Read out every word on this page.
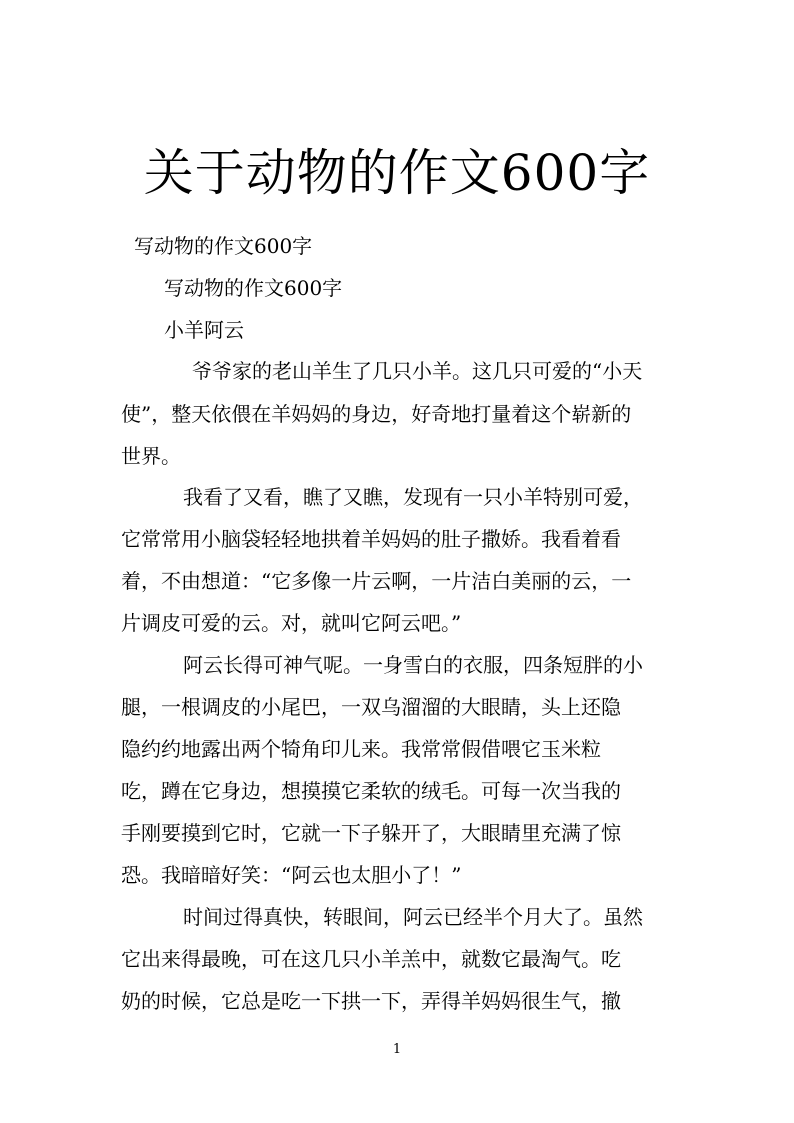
关于动物的作文600字

写动物的作文600字

写动物的作文600字

小羊阿云

爷爷家的老山羊生了几只小羊。这几只可爱的“小天

使”，整天依偎在羊妈妈的身边，好奇地打量着这个崭新的

世界。

我看了又看，瞧了又瞧，发现有一只小羊特别可爱，

它常常用小脑袋轻轻地拱着羊妈妈的肚子撒娇。我看着看

着，不由想道：“它多像一片云啊，一片洁白美丽的云，一

片调皮可爱的云。对，就叫它阿云吧。”

阿云长得可神气呢。一身雪白的衣服，四条短胖的小

腿，一根调皮的小尾巴，一双乌溜溜的大眼睛，头上还隐

隐约约地露出两个犄角印儿来。我常常假借喂它玉米粒

吃，蹲在它身边，想摸摸它柔软的绒毛。可每一次当我的

手刚要摸到它时，它就一下子躲开了，大眼睛里充满了惊

恐。我暗暗好笑：“阿云也太胆小了！”

时间过得真快，转眼间，阿云已经半个月大了。虽然

它出来得最晚，可在这几只小羊羔中，就数它最淘气。吃

奶的时候，它总是吃一下拱一下，弄得羊妈妈很生气，撤

1
